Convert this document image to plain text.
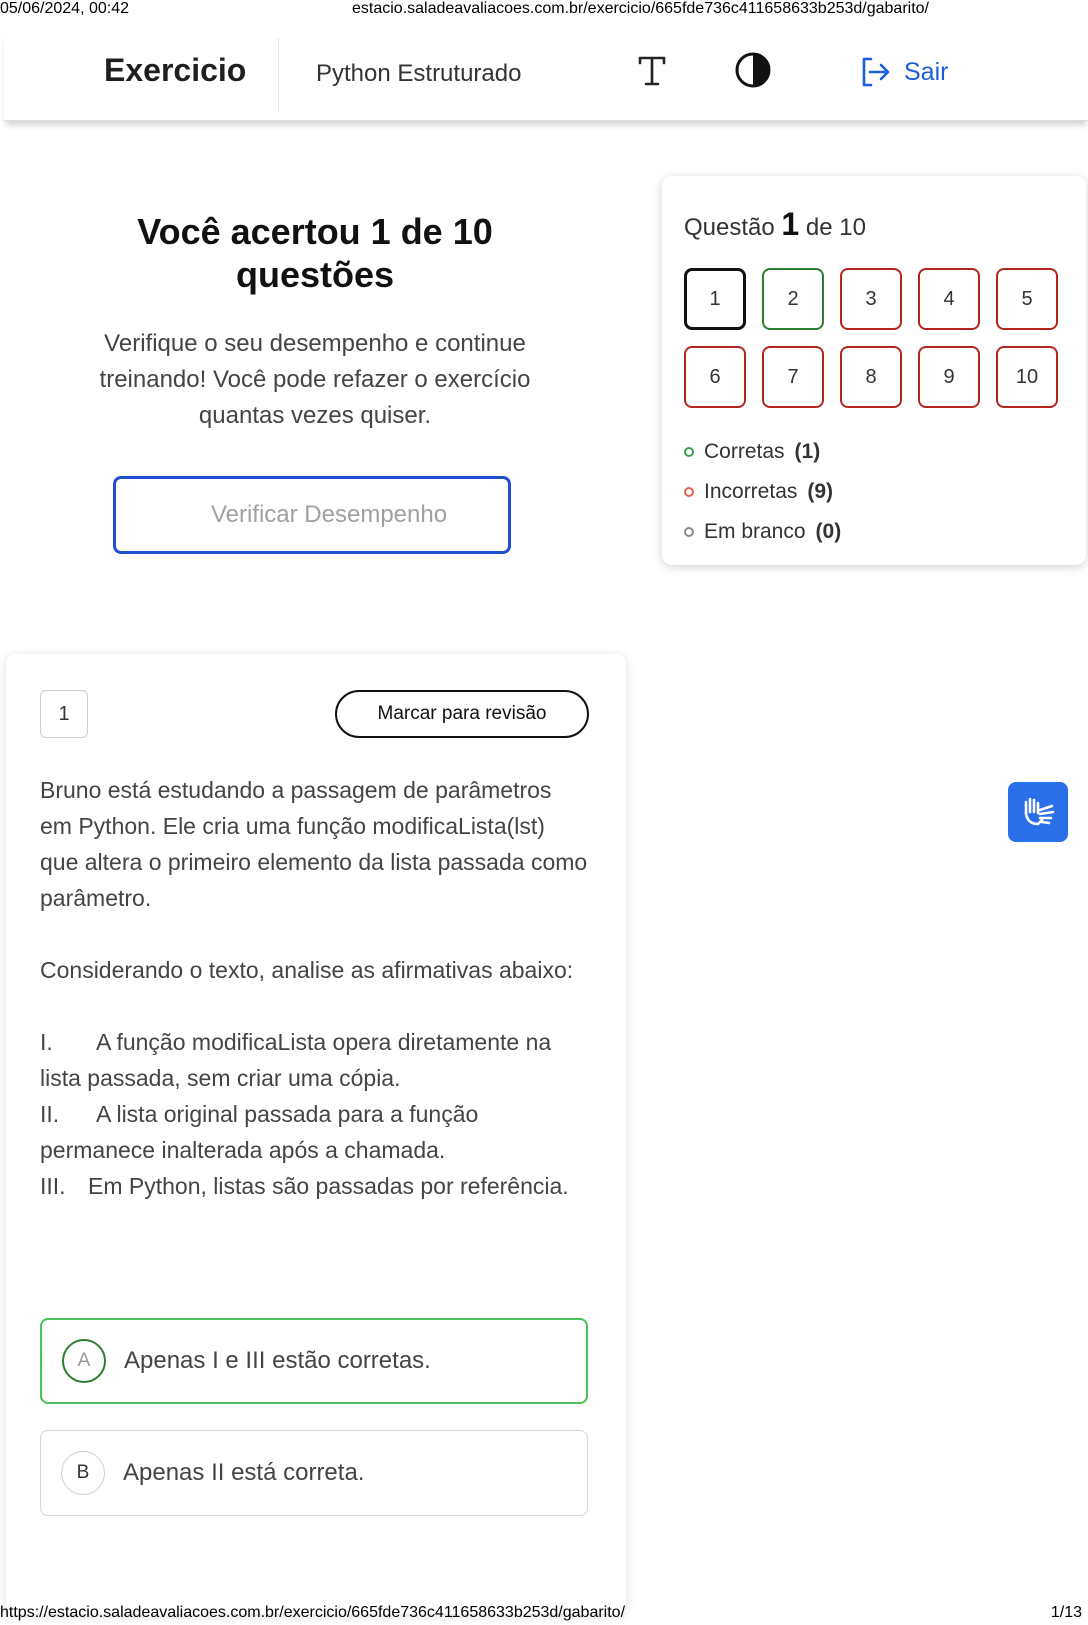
05/06/2024, 00:42	estacio.saladeavaliacoes.com.br/exercicio/665fde736c411658633b253d/gabarito/
Exercicio	Python Estruturado	Sair
Você acertou 1 de 10 questões
Verifique o seu desempenho e continue treinando! Você pode refazer o exercício quantas vezes quiser.
Verificar Desempenho
Questão 1 de 10
1	2	3	4	5
6	7	8	9	10
Corretas (1)
Incorretas (9)
Em branco (0)
1	Marcar para revisão

Bruno está estudando a passagem de parâmetros em Python. Ele cria uma função modificaLista(lst) que altera o primeiro elemento da lista passada como parâmetro.

Considerando o texto, analise as afirmativas abaixo:

I. A função modificaLista opera diretamente na lista passada, sem criar uma cópia.

II. A lista original passada para a função permanece inalterada após a chamada.

III. Em Python, listas são passadas por referência.

A	Apenas I e III estão corretas.
B	Apenas II está correta.
https://estacio.saladeavaliacoes.com.br/exercicio/665fde736c411658633b253d/gabarito/	1/13
